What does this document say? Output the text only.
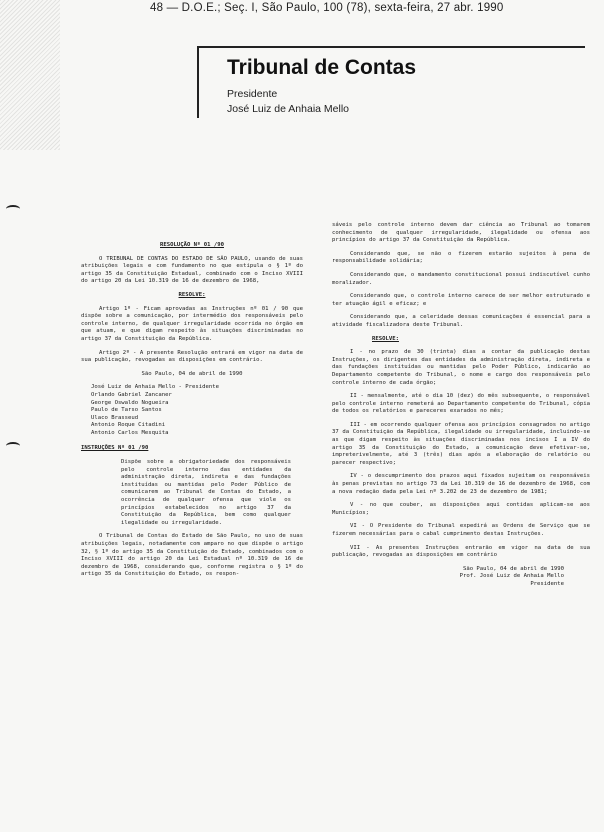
48 — D.O.E.; Seç. I, São Paulo, 100 (78), sexta-feira, 27 abr. 1990
Tribunal de Contas
Presidente
José Luiz de Anhaia Mello

RESOLUÇÃO Nº 01 /90

O TRIBUNAL DE CONTAS DO ESTADO DE SÃO PAULO, usando de suas atribuições legais e com fundamento no que estipula o § 1º do artigo 35 da Constituição Estadual, combinado com o Inciso XVIII do artigo 20 da Lei 10.319 de 16 de dezembro de 1968,

RESOLVE:

Artigo 1º - Ficam aprovadas as Instruções nº 01 / 90 que dispõe sobre a comunicação, por intermédio dos responsáveis pelo controle interno, de qualquer irregularidade ocorrida no órgão em que atuam, e que digam respeito às situações discriminadas no artigo 37 da Constituição da República.

Artigo 2º - A presente Resolução entrará em vigor na data de sua publicação, revogadas as disposições em contrário.

São Paulo, 04 de abril de 1990

José Luiz de Anhaia Mello - Presidente

Orlando Gabriel Zancaner

George Oswaldo Nogueira

Paulo de Tarso Santos

Ulaco Brasseud

Antonio Roque Citadini

Antonio Carlos Mesquita

INSTRUÇÕES Nº 01 /90

Dispõe sobre a obrigatoriedade dos responsáveis pelo controle interno das entidades da administração direta, indireta e das fundações instituídas ou mantidas pelo Poder Público de comunicarem ao Tribunal de Contas do Estado, a ocorrência de qualquer ofensa que viole os princípios estabelecidos no artigo 37 da Constituição da República, bem como qualquer ilegalidade ou irregularidade.

O Tribunal de Contas do Estado de São Paulo, no uso de suas atribuições legais, notadamente com amparo no que dispõe o artigo 32, § 1º do artigo 35 da Constituição do Estado, combinados com o Inciso XVIII do artigo 20 da Lei Estadual nº 10.319 de 16 de dezembro de 1968, considerando que, conforme registra o § 1º do artigo 35 da Constituição do Estado, os respon-

sáveis pelo controle interno devem dar ciência ao Tribunal ao tomarem conhecimento de qualquer irregularidade, ilegalidade ou ofensa aos princípios do artigo 37 da Constituição da República.

Considerando que, se não o fizerem estarão sujeitos à pena de responsabilidade solidária;

Considerando que, o mandamento constitucional possui indiscutível cunho moralizador.

Considerando que, o controle interno carece de ser melhor estruturado e ter atuação ágil e eficaz; e

Considerando que, a celeridade dessas comunicações é essencial para a atividade fiscalizadora deste Tribunal.

RESOLVE:

I - no prazo de 30 (trinta) dias a contar da publicação destas Instruções, os dirigentes das entidades da administração direta, indireta e das fundações instituídas ou mantidas pelo Poder Público, indicarão ao Departamento competente do Tribunal, o nome e cargo dos responsáveis pelo controle interno de cada órgão;

II - mensalmente, até o dia 10 (dez) do mês subsequente, o responsável pelo controle interno remeterá ao Departamento competente do Tribunal, cópia de todos os relatórios e pareceres exarados no mês;

III - em ocorrendo qualquer ofensa aos princípios consagrados no artigo 37 da Constituição da República, ilegalidade ou irregularidade, incluindo-se as que digam respeito às situações discriminadas nos incisos I a IV do artigo 35 da Constituição do Estado, a comunicação deve efetivar-se, impreterivelmente, até 3 (três) dias após a elaboração do relatório ou parecer respectivo;

IV - o descumprimento dos prazos aqui fixados sujeitam os responsáveis às penas previstas no artigo 73 da Lei 10.319 de 16 de dezembro de 1968, com a nova redação dada pela Lei nº 3.202 de 23 de dezembro de 1981;

V - no que couber, as disposições aqui contidas aplicam-se aos Municípios;

VI - O Presidente do Tribunal expedirá as Ordens de Serviço que se fizerem necessárias para o cabal cumprimento destas Instruções.

VII - As presentes Instruções entrarão em vigor na data de sua publicação, revogadas as disposições em contrário

São Paulo, 04 de abril de 1990

Prof. José Luiz de Anhaia Mello

Presidente
